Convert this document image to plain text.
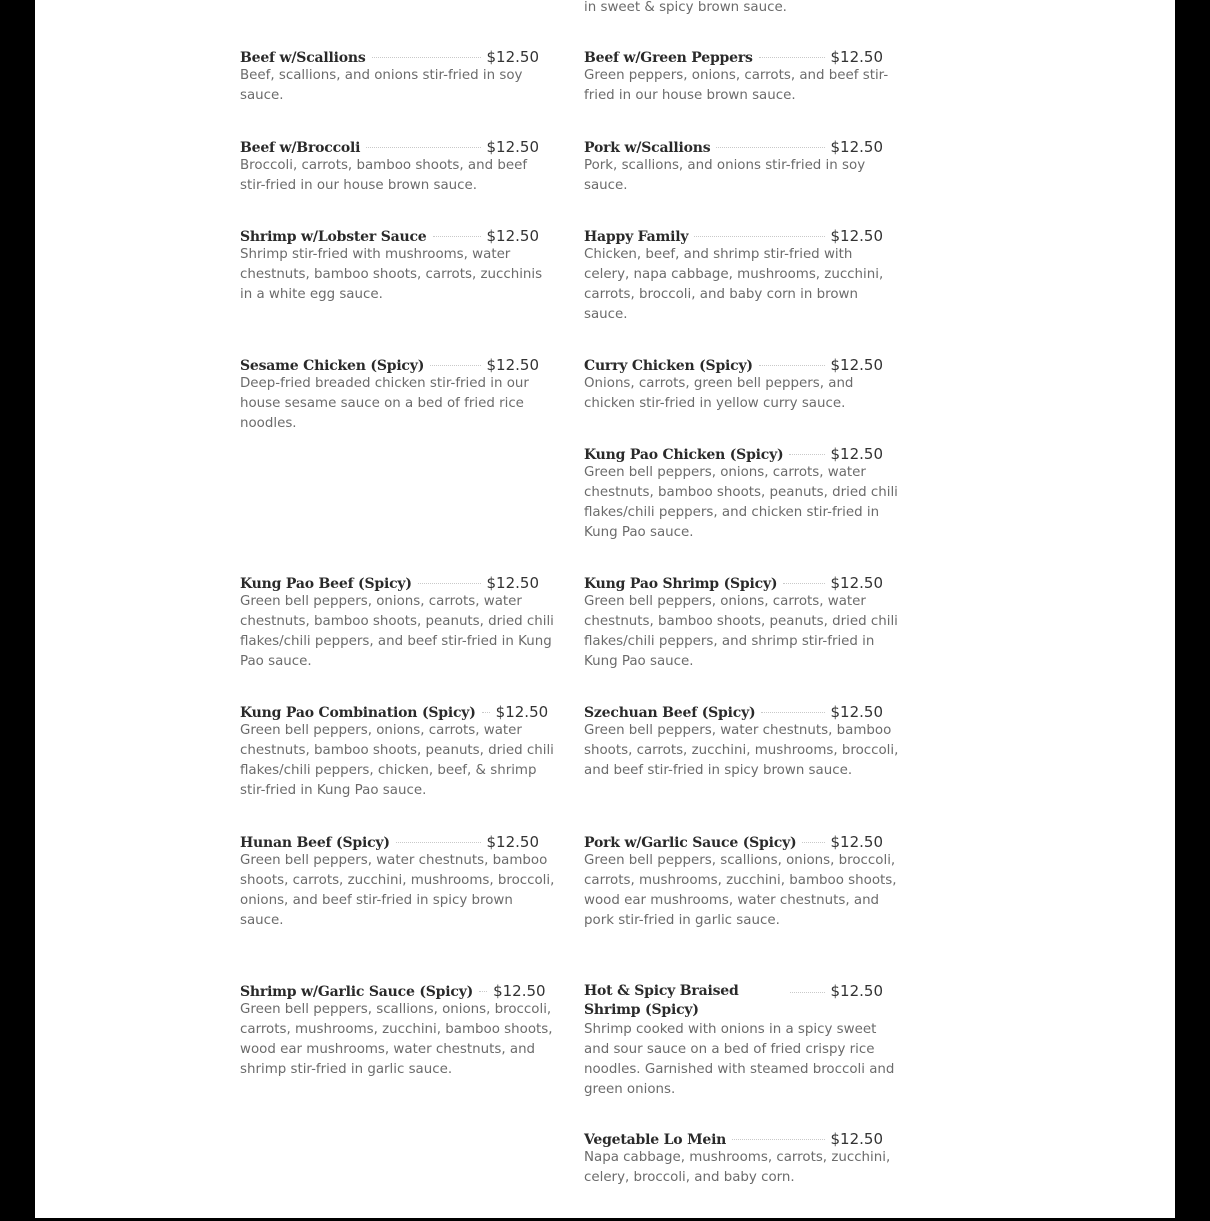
in sweet & spicy brown sauce.
Beef w/Scallions	$12.50
Beef, scallions, and onions stir-fried in soy sauce.
Beef w/Broccoli	$12.50
Broccoli, carrots, bamboo shoots, and beef stir-fried in our house brown sauce.
Shrimp w/Lobster Sauce	$12.50
Shrimp stir-fried with mushrooms, water chestnuts, bamboo shoots, carrots, zucchinis in a white egg sauce.
Sesame Chicken (Spicy)	$12.50
Deep-fried breaded chicken stir-fried in our house sesame sauce on a bed of fried rice noodles.
Kung Pao Beef (Spicy)	$12.50
Green bell peppers, onions, carrots, water chestnuts, bamboo shoots, peanuts, dried chili flakes/chili peppers, and beef stir-fried in Kung Pao sauce.
Kung Pao Combination (Spicy) $12.50
Green bell peppers, onions, carrots, water chestnuts, bamboo shoots, peanuts, dried chili flakes/chili peppers, chicken, beef, & shrimp stir-fried in Kung Pao sauce.
Hunan Beef (Spicy)	$12.50
Green bell peppers, water chestnuts, bamboo shoots, carrots, zucchini, mushrooms, broccoli, onions, and beef stir-fried in spicy brown sauce.
Shrimp w/Garlic Sauce (Spicy) $12.50
Green bell peppers, scallions, onions, broccoli, carrots, mushrooms, zucchini, bamboo shoots, wood ear mushrooms, water chestnuts, and shrimp stir-fried in garlic sauce.
Beef w/Green Peppers	$12.50
Green peppers, onions, carrots, and beef stir-fried in our house brown sauce.
Pork w/Scallions	$12.50
Pork, scallions, and onions stir-fried in soy sauce.
Happy Family	$12.50
Chicken, beef, and shrimp stir-fried with celery, napa cabbage, mushrooms, zucchini, carrots, broccoli, and baby corn in brown sauce.
Curry Chicken (Spicy)	$12.50
Onions, carrots, green bell peppers, and chicken stir-fried in yellow curry sauce.
Kung Pao Chicken (Spicy)	$12.50
Green bell peppers, onions, carrots, water chestnuts, bamboo shoots, peanuts, dried chili flakes/chili peppers, and chicken stir-fried in Kung Pao sauce.
Kung Pao Shrimp (Spicy)	$12.50
Green bell peppers, onions, carrots, water chestnuts, bamboo shoots, peanuts, dried chili flakes/chili peppers, and shrimp stir-fried in Kung Pao sauce.
Szechuan Beef (Spicy)	$12.50
Green bell peppers, water chestnuts, bamboo shoots, carrots, zucchini, mushrooms, broccoli, and beef stir-fried in spicy brown sauce.
Pork w/Garlic Sauce (Spicy) $12.50
Green bell peppers, scallions, onions, broccoli, carrots, mushrooms, zucchini, bamboo shoots, wood ear mushrooms, water chestnuts, and pork stir-fried in garlic sauce.
Hot & Spicy Braised Shrimp (Spicy)
$12.50
Shrimp cooked with onions in a spicy sweet and sour sauce on a bed of fried crispy rice noodles. Garnished with steamed broccoli and green onions.
Vegetable Lo Mein	$12.50
Napa cabbage, mushrooms, carrots, zucchini, celery, broccoli, and baby corn.
